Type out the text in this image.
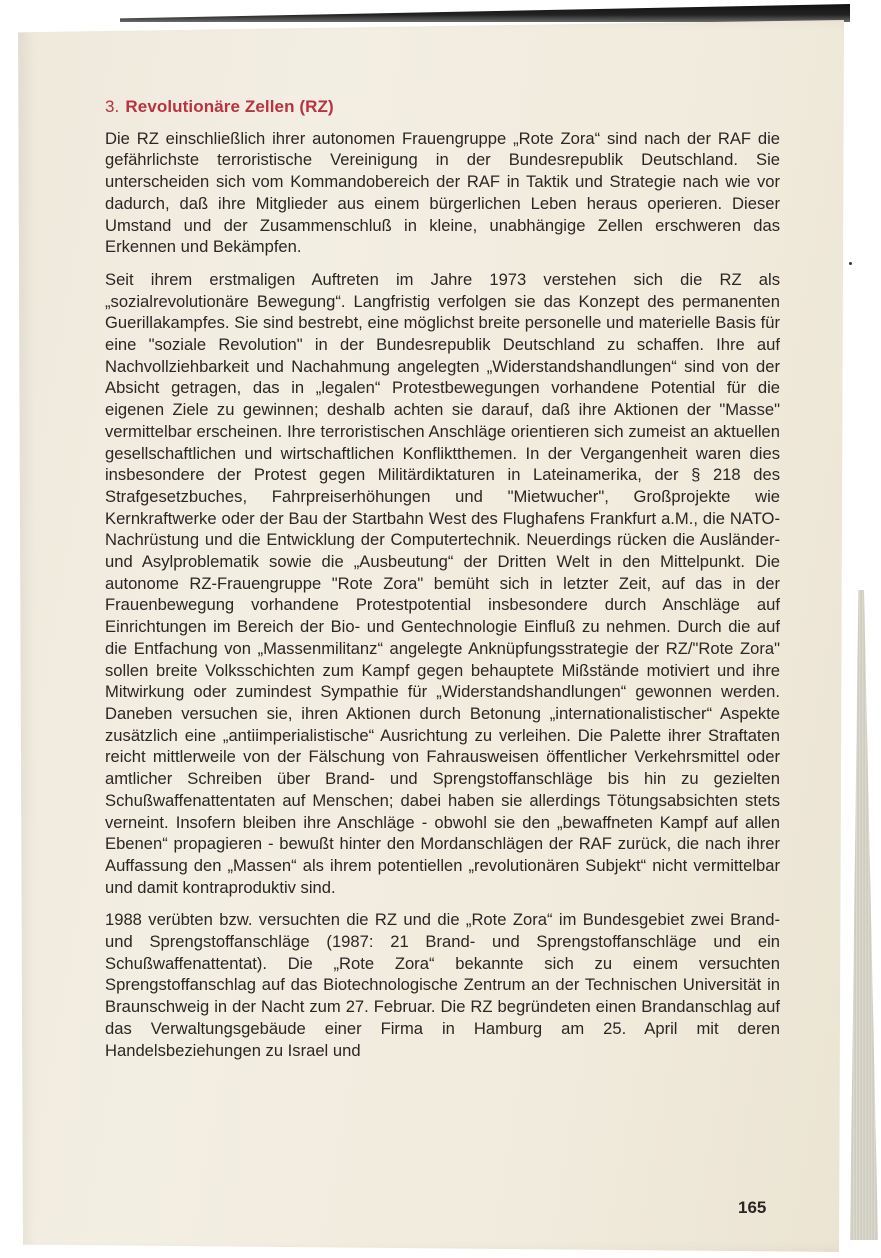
3. Revolutionäre Zellen (RZ)

Die RZ einschließlich ihrer autonomen Frauengruppe „Rote Zora“ sind nach der RAF die gefährlichste terroristische Vereinigung in der Bundesrepublik Deutschland. Sie unterscheiden sich vom Kommandobereich der RAF in Taktik und Strategie nach wie vor dadurch, daß ihre Mitglieder aus einem bürgerlichen Leben heraus operieren. Dieser Umstand und der Zusammenschluß in kleine, unabhängige Zellen erschweren das Erkennen und Bekämpfen.

Seit ihrem erstmaligen Auftreten im Jahre 1973 verstehen sich die RZ als „sozialrevolutionäre Bewegung“. Langfristig verfolgen sie das Konzept des permanenten Guerillakampfes. Sie sind bestrebt, eine möglichst breite personelle und materielle Basis für eine "soziale Revolution" in der Bundesrepublik Deutschland zu schaffen. Ihre auf Nachvollziehbarkeit und Nachahmung angelegten „Widerstandshandlungen“ sind von der Absicht getragen, das in „legalen“ Protestbewegungen vorhandene Potential für die eigenen Ziele zu gewinnen; deshalb achten sie darauf, daß ihre Aktionen der "Masse" vermittelbar erscheinen. Ihre terroristischen Anschläge orientieren sich zumeist an aktuellen gesellschaftlichen und wirtschaftlichen Konfliktthemen. In der Vergangenheit waren dies insbesondere der Protest gegen Militärdiktaturen in Lateinamerika, der § 218 des Strafgesetzbuches, Fahrpreiserhöhungen und "Mietwucher", Großprojekte wie Kernkraftwerke oder der Bau der Startbahn West des Flughafens Frankfurt a.M., die NATO-Nachrüstung und die Entwicklung der Computertechnik. Neuerdings rücken die Ausländer- und Asylproblematik sowie die „Ausbeutung“ der Dritten Welt in den Mittelpunkt. Die autonome RZ-Frauengruppe "Rote Zora" bemüht sich in letzter Zeit, auf das in der Frauenbewegung vorhandene Protestpotential insbesondere durch Anschläge auf Einrichtungen im Bereich der Bio- und Gentechnologie Einfluß zu nehmen. Durch die auf die Entfachung von „Massenmilitanz“ angelegte Anknüpfungsstrategie der RZ/"Rote Zora" sollen breite Volksschichten zum Kampf gegen behauptete Mißstände motiviert und ihre Mitwirkung oder zumindest Sympathie für „Widerstandshandlungen“ gewonnen werden. Daneben versuchen sie, ihren Aktionen durch Betonung „internationalistischer“ Aspekte zusätzlich eine „antiimperialistische“ Ausrichtung zu verleihen. Die Palette ihrer Straftaten reicht mittlerweile von der Fälschung von Fahrausweisen öffentlicher Verkehrsmittel oder amtlicher Schreiben über Brand- und Sprengstoffanschläge bis hin zu gezielten Schußwaffenattentaten auf Menschen; dabei haben sie allerdings Tötungsabsichten stets verneint. Insofern bleiben ihre Anschläge - obwohl sie den „bewaffneten Kampf auf allen Ebenen“ propagieren - bewußt hinter den Mordanschlägen der RAF zurück, die nach ihrer Auffassung den „Massen“ als ihrem potentiellen „revolutionären Subjekt“ nicht vermittelbar und damit kontraproduktiv sind.

1988 verübten bzw. versuchten die RZ und die „Rote Zora“ im Bundesgebiet zwei Brand- und Sprengstoffanschläge (1987: 21 Brand- und Sprengstoffanschläge und ein Schußwaffenattentat). Die „Rote Zora“ bekannte sich zu einem versuchten Sprengstoffanschlag auf das Biotechnologische Zentrum an der Technischen Universität in Braunschweig in der Nacht zum 27. Februar. Die RZ begründeten einen Brandanschlag auf das Verwaltungsgebäude einer Firma in Hamburg am 25. April mit deren Handelsbeziehungen zu Israel und

165
